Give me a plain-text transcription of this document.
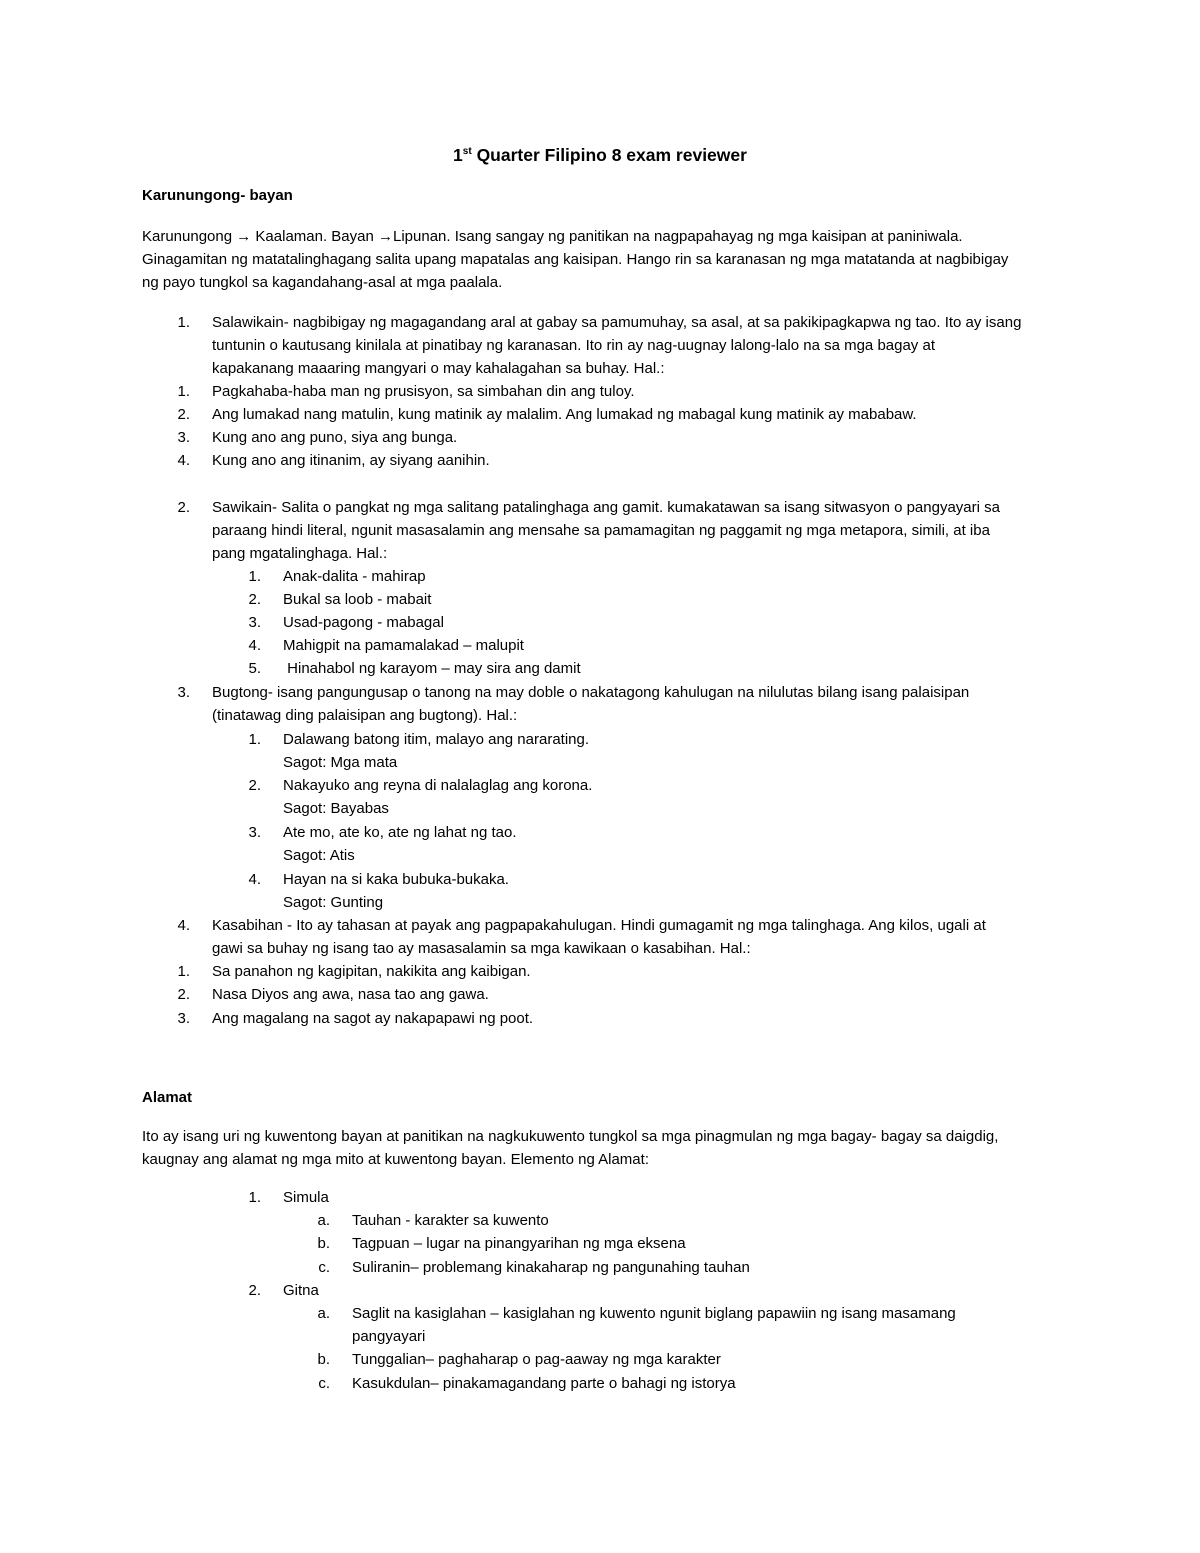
1st Quarter Filipino 8 exam reviewer
Karunungong- bayan
Karunungong → Kaalaman. Bayan →Lipunan. Isang sangay ng panitikan na nagpapahayag ng mga kaisipan at paniniwala.
Ginagamitan ng matatalinghagang salita upang mapatalas ang kaisipan. Hango rin sa karanasan ng mga matatanda at nagbibigay
ng payo tungkol sa kagandahang-asal at mga paalala.
1. Salawikain- nagbibigay ng magagandang aral at gabay sa pamumuhay, sa asal, at sa pakikipagkapwa ng tao. Ito ay isang
tuntunin o kautusang kinilala at pinatibay ng karanasan. Ito rin ay nag-uugnay lalong-lalo na sa mga bagay at
kapakanang maaaring mangyari o may kahalagahan sa buhay. Hal.:
1. Pagkahaba-haba man ng prusisyon, sa simbahan din ang tuloy.
2. Ang lumakad nang matulin, kung matinik ay malalim. Ang lumakad ng mabagal kung matinik ay mababaw.
3. Kung ano ang puno, siya ang bunga.
4. Kung ano ang itinanim, ay siyang aanihin.
2. Sawikain- Salita o pangkat ng mga salitang patalinghaga ang gamit. kumakatawan sa isang sitwasyon o pangyayari sa
paraang hindi literal, ngunit masasalamin ang mensahe sa pamamagitan ng paggamit ng mga metapora, simili, at iba
pang mgatalinghaga. Hal.:
1. Anak-dalita - mahirap
2. Bukal sa loob - mabait
3. Usad-pagong - mabagal
4. Mahigpit na pamamalakad – malupit
5. Hinahabol ng karayom – may sira ang damit
3. Bugtong- isang pangungusap o tanong na may doble o nakatagong kahulugan na nilulutas bilang isang palaisipan
(tinatawag ding palaisipan ang bugtong). Hal.:
1. Dalawang batong itim, malayo ang nararating.
Sagot: Mga mata
2. Nakayuko ang reyna di nalalaglag ang korona.
Sagot: Bayabas
3. Ate mo, ate ko, ate ng lahat ng tao.
Sagot: Atis
4. Hayan na si kaka bubuka-bukaka.
Sagot: Gunting
4. Kasabihan - Ito ay tahasan at payak ang pagpapakahulugan. Hindi gumagamit ng mga talinghaga. Ang kilos, ugali at
gawi sa buhay ng isang tao ay masasalamin sa mga kawikaan o kasabihan. Hal.:
1. Sa panahon ng kagipitan, nakikita ang kaibigan.
2. Nasa Diyos ang awa, nasa tao ang gawa.
3. Ang magalang na sagot ay nakapapawi ng poot.
Alamat
Ito ay isang uri ng kuwentong bayan at panitikan na nagkukuwento tungkol sa mga pinagmulan ng mga bagay- bagay sa daigdig,
kaugnay ang alamat ng mga mito at kuwentong bayan. Elemento ng Alamat:
1. Simula
a. Tauhan - karakter sa kuwento
b. Tagpuan – lugar na pinangyarihan ng mga eksena
c. Suliranin– problemang kinakaharap ng pangunahing tauhan
2. Gitna
a. Saglit na kasiglahan – kasiglahan ng kuwento ngunit biglang papawiin ng isang masamang
pangyayari
b. Tunggalian– paghaharap o pag-aaway ng mga karakter
c. Kasukdulan– pinakamagandang parte o bahagi ng istorya
